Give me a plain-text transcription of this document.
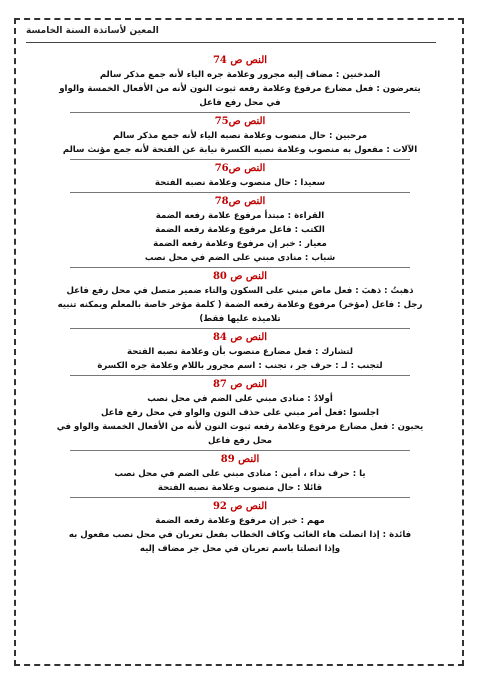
المعين لأساتذة السنة الخامسة
النص ص 74
المدخنين : مضاف إليه مجرور وعلامة جره الياء لأنه جمع مذكر سالم
يتعرضون : فعل مضارع مرفوع وعلامة رفعه ثبوت النون لأنه من الأفعال الخمسة والواو
في محل رفع فاعل
النص ص75
مرحبين : حال منصوب وعلامة نصبه الياء لأنه جمع مذكر سالم
الآلات : مفعول به منصوب وعلامة نصبه الكسرة نيابة عن الفتحة لأنه جمع مؤنث سالم
النص ص76
سعيدا : حال منصوب وعلامة نصبه الفتحة
النص ص78
القراءة : مبتدأ مرفوع علامة رفعه الضمة
الكتب : فاعل مرفوع وعلامة رفعه الضمة
معيار : خبر إن مرفوع وعلامة رفعه الضمة
شباب : منادى مبني على الضم في محل نصب
النص ص 80
ذهبتُ : ذهبَ : فعل ماض مبني على السكون والتاء ضمير متصل في محل رفع فاعل
رجل : فاعل (مؤخر) مرفوع وعلامة رفعه الضمة ( كلمة مؤخر خاصة بالمعلم ويمكنه تنبيه
تلاميذه عليها فقط)
النص ص 84
لتشارك : فعل مضارع منصوب بأن وعلامة نصبه الفتحة
لتجنب : لـ : حرف جر ، تجنب : اسم مجرور باللام وعلامة جره الكسرة
النص ص 87
أولادُ : منادى مبني على الضم في محل نصب
اجلسوا :فعل أمر مبني على حذف النون والواو في محل رفع فاعل
يحبون : فعل مضارع مرفوع وعلامة رفعه ثبوت النون لأنه من الأفعال الخمسة والواو في
محل رفع فاعل
النص 89
يا : حرف نداء ، أمين : منادى مبني على الضم في محل نصب
قائلا : حال منصوب وعلامة نصبه الفتحة
النص ص 92
مهم : خبر إن مرفوع وعلامة رفعه الضمة
فائدة : إذا اتصلت هاء الغائب وكاف الخطاب بفعل تعربان في محل نصب مفعول به
وإذا اتصلتا باسم تعربان في محل جر مضاف إليه
